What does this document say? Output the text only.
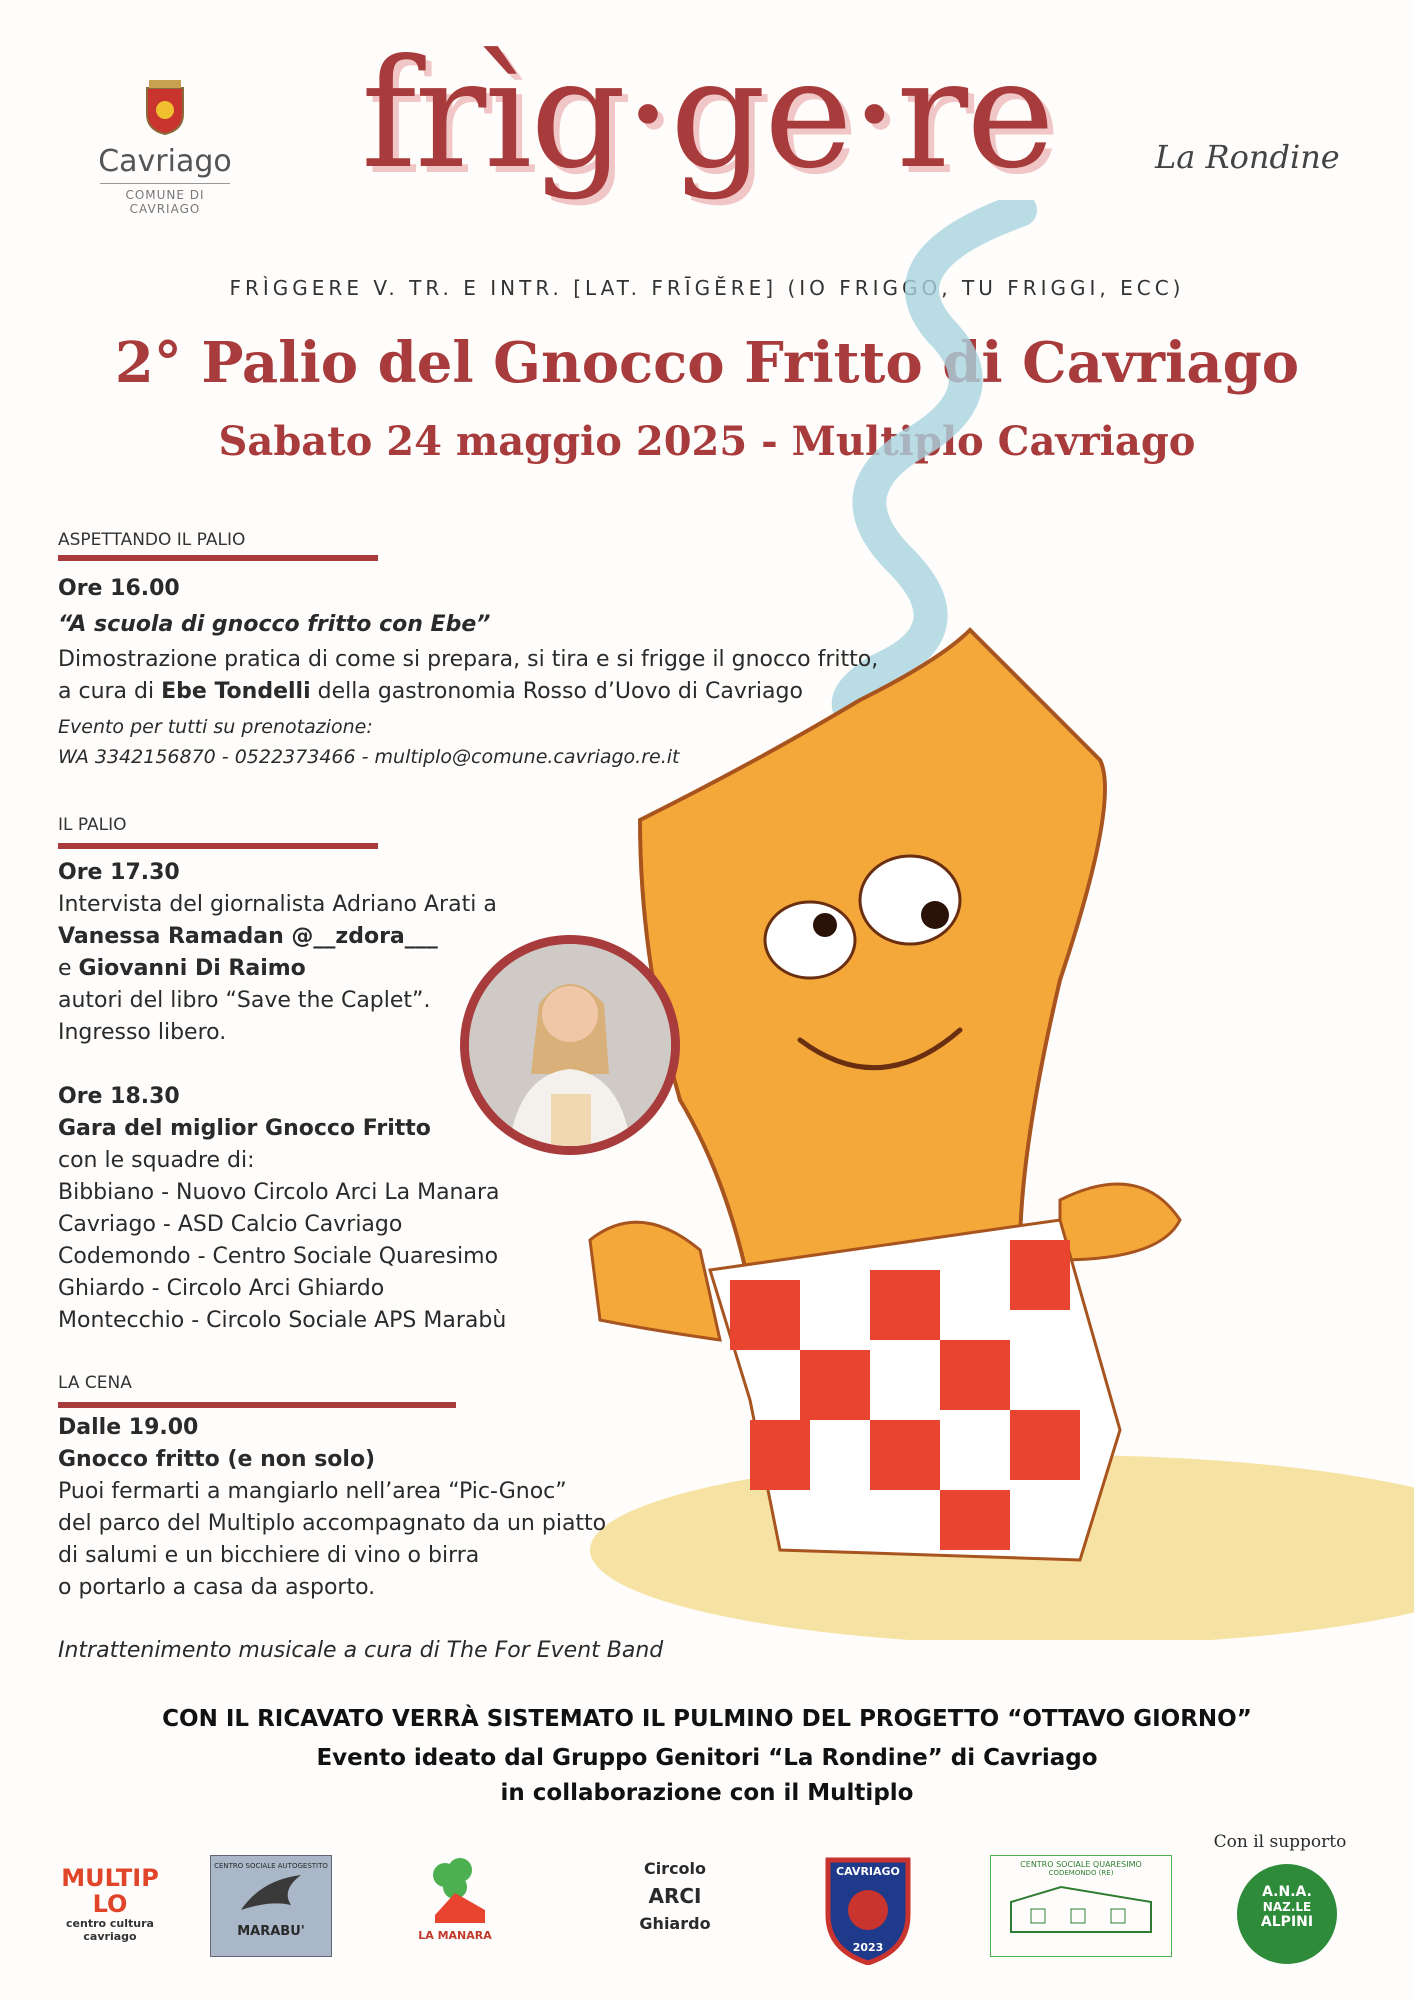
Cavriago
COMUNE DI CAVRIAGO
frìg·ge·re	La Rondine
FRÌGGERE V. TR. E INTR. [LAT. FRĪGĔRE] (IO FRIGGO, TU FRIGGI, ECC)
2° Palio del Gnocco Fritto di Cavriago
Sabato 24 maggio 2025 - Multiplo Cavriago
ASPETTANDO IL PALIO
Ore 16.00
“A scuola di gnocco fritto con Ebe”
Dimostrazione pratica di come si prepara, si tira e si frigge il gnocco fritto,
a cura di Ebe Tondelli della gastronomia Rosso d’Uovo di Cavriago
Evento per tutti su prenotazione:
WA 3342156870 - 0522373466 - multiplo@comune.cavriago.re.it
IL PALIO
Ore 17.30
Intervista del giornalista Adriano Arati a
Vanessa Ramadan @__zdora___
e Giovanni Di Raimo
autori del libro “Save the Caplet”.
Ingresso libero.
Ore 18.30
Gara del miglior Gnocco Fritto
con le squadre di:
Bibbiano - Nuovo Circolo Arci La Manara
Cavriago - ASD Calcio Cavriago
Codemondo - Centro Sociale Quaresimo
Ghiardo - Circolo Arci Ghiardo
Montecchio - Circolo Sociale APS Marabù
LA CENA
Dalle 19.00
Gnocco fritto (e non solo)
Puoi fermarti a mangiarlo nell’area “Pic-Gnoc”
del parco del Multiplo accompagnato da un piatto
di salumi e un bicchiere di vino o birra
o portarlo a casa da asporto.
Intrattenimento musicale a cura di The For Event Band
CON IL RICAVATO VERRÀ SISTEMATO IL PULMINO DEL PROGETTO “OTTAVO GIORNO”
Evento ideato dal Gruppo Genitori “La Rondine” di Cavriago
in collaborazione con il Multiplo
MULTIPLO
centro cultura cavriago
CENTRO SOCIALE AUTOGESTITO
MARABU'	LA MANARA
Circolo
ARCI
Ghiardo
CAVRIAGO
2023
CENTRO SOCIALE QUARESIMO
CODEMONDO (RE)
Con il supporto
A.N.A.
NAZ.LE
ALPINI
